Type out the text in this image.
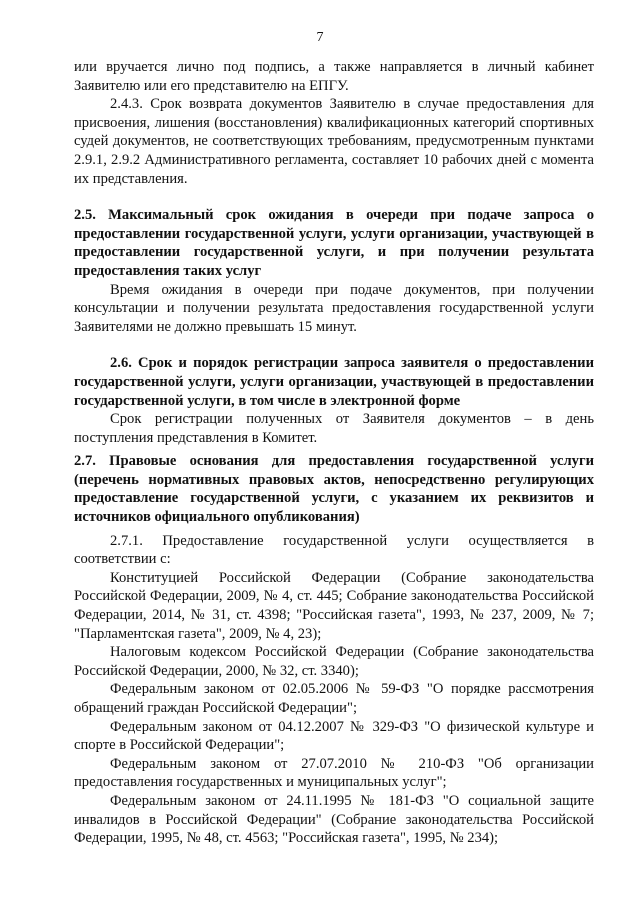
7

или вручается лично под подпись, а также направляется в личный кабинет Заявителю или его представителю на ЕПГУ.

2.4.3. Срок возврата документов Заявителю в случае предоставления для присвоения, лишения (восстановления) квалификационных категорий спортивных судей документов, не соответствующих требованиям, предусмотренным пунктами 2.9.1, 2.9.2 Административного регламента, составляет 10 рабочих дней с момента их представления.

2.5. Максимальный срок ожидания в очереди при подаче запроса о предоставлении государственной услуги, услуги организации, участвующей в предоставлении государственной услуги, и при получении результата предоставления таких услуг

Время ожидания в очереди при подаче документов, при получении консультации и получении результата предоставления государственной услуги Заявителями не должно превышать 15 минут.

2.6. Срок и порядок регистрации запроса заявителя о предоставлении государственной услуги, услуги организации, участвующей в предоставлении государственной услуги, в том числе в электронной форме

Срок регистрации полученных от Заявителя документов – в день поступления представления в Комитет.

2.7. Правовые основания для предоставления государственной услуги (перечень нормативных правовых актов, непосредственно регулирующих предоставление государственной услуги, с указанием их реквизитов и источников официального опубликования)

2.7.1. Предоставление государственной услуги осуществляется в соответствии с:

Конституцией Российской Федерации (Собрание законодательства Российской Федерации, 2009, № 4, ст. 445; Собрание законодательства Российской Федерации, 2014, № 31, ст. 4398; "Российская газета", 1993, № 237, 2009, № 7; "Парламентская газета", 2009, № 4, 23);

Налоговым кодексом Российской Федерации (Собрание законодательства Российской Федерации, 2000, № 32, ст. 3340);

Федеральным законом от 02.05.2006 № 59-ФЗ "О порядке рассмотрения обращений граждан Российской Федерации";

Федеральным законом от 04.12.2007 № 329-ФЗ "О физической культуре и спорте в Российской Федерации";

Федеральным законом от 27.07.2010 № 210-ФЗ "Об организации предоставления государственных и муниципальных услуг";

Федеральным законом от 24.11.1995 № 181-ФЗ "О социальной защите инвалидов в Российской Федерации" (Собрание законодательства Российской Федерации, 1995, № 48, ст. 4563; "Российская газета", 1995, № 234);
